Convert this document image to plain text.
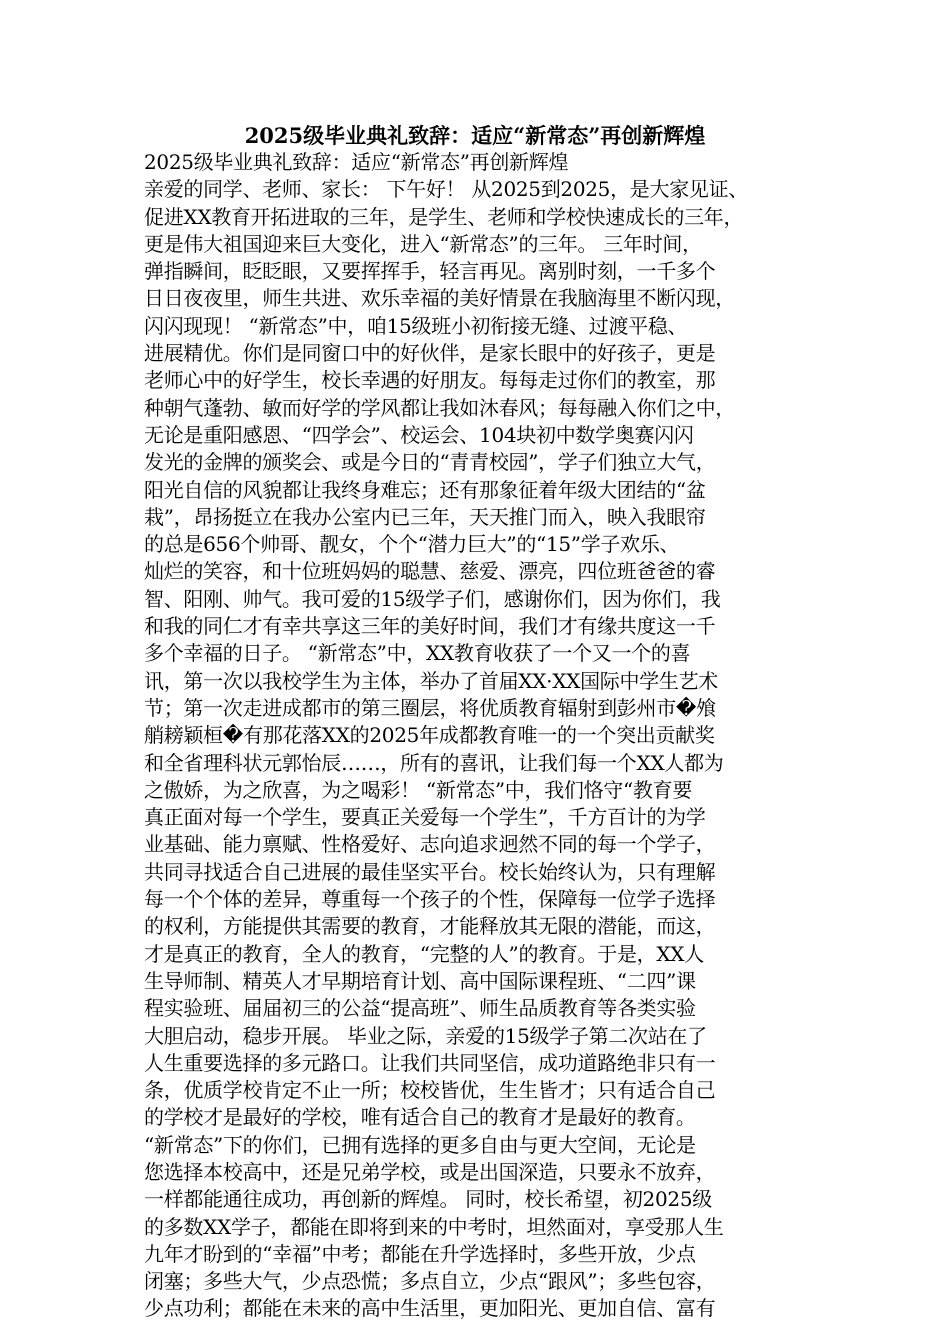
2025级毕业典礼致辞：适应“新常态”再创新辉煌
2025级毕业典礼致辞：适应“新常态”再创新辉煌
亲爱的同学、老师、家长： 下午好！ 从2025到2025，是大家见证、
促进XX教育开拓进取的三年，是学生、老师和学校快速成长的三年，
更是伟大祖国迎来巨大变化，进入“新常态”的三年。 三年时间，
弹指瞬间，眨眨眼，又要挥挥手，轻言再见。离别时刻，一千多个
日日夜夜里，师生共进、欢乐幸福的美好情景在我脑海里不断闪现，
闪闪现现！ “新常态”中，咱15级班小初衔接无缝、过渡平稳、
进展精优。你们是同窗口中的好伙伴，是家长眼中的好孩子，更是
老师心中的好学生，校长幸遇的好朋友。每每走过你们的教室，那
种朝气蓬勃、敏而好学的学风都让我如沐春风；每每融入你们之中，
无论是重阳感恩、“四学会”、校运会、104块初中数学奥赛闪闪
发光的金牌的颁奖会、或是今日的“青青校园”，学子们独立大气，
阳光自信的风貌都让我终身难忘；还有那象征着年级大团结的“盆
栽”，昂扬挺立在我办公室内已三年，天天推门而入，映入我眼帘
的总是656个帅哥、靓女，个个“潜力巨大”的“15”学子欢乐、
灿烂的笑容，和十位班妈妈的聪慧、慈爱、漂亮，四位班爸爸的睿
智、阳刚、帅气。我可爱的15级学子们，感谢你们，因为你们，我
和我的同仁才有幸共享这三年的美好时间，我们才有缘共度这一千
多个幸福的日子。 “新常态”中，XX教育收获了一个又一个的喜
讯，第一次以我校学生为主体，举办了首届XX·XX国际中学生艺术
节；第一次走进成都市的第三圈层，将优质教育辐射到彭州市�飧
艄耪颖桓�有那花落XX的2025年成都教育唯一的一个突出贡献奖
和全省理科状元郭怡辰……，所有的喜讯，让我们每一个XX人都为
之傲娇，为之欣喜，为之喝彩！ “新常态”中，我们恪守“教育要
真正面对每一个学生，要真正关爱每一个学生”，千方百计的为学
业基础、能力禀赋、性格爱好、志向追求迥然不同的每一个学子，
共同寻找适合自己进展的最佳坚实平台。校长始终认为，只有理解
每一个个体的差异，尊重每一个孩子的个性，保障每一位学子选择
的权利，方能提供其需要的教育，才能释放其无限的潜能，而这，
才是真正的教育，全人的教育，“完整的人”的教育。于是，XX人
生导师制、精英人才早期培育计划、高中国际课程班、“二四”课
程实验班、届届初三的公益“提高班”、师生品质教育等各类实验
大胆启动，稳步开展。 毕业之际，亲爱的15级学子第二次站在了
人生重要选择的多元路口。让我们共同坚信，成功道路绝非只有一
条，优质学校肯定不止一所；校校皆优，生生皆才；只有适合自己
的学校才是最好的学校，唯有适合自己的教育才是最好的教育。
“新常态”下的你们，已拥有选择的更多自由与更大空间，无论是
您选择本校高中，还是兄弟学校，或是出国深造，只要永不放弃，
一样都能通往成功，再创新的辉煌。 同时，校长希望，初2025级
的多数XX学子，都能在即将到来的中考时，坦然面对，享受那人生
九年才盼到的“幸福”中考；都能在升学选择时，多些开放，少点
闭塞；多些大气，少点恐慌；多点自立，少点“跟风”；多些包容，
少点功利；都能在未来的高中生活里，更加阳光、更加自信、富有
